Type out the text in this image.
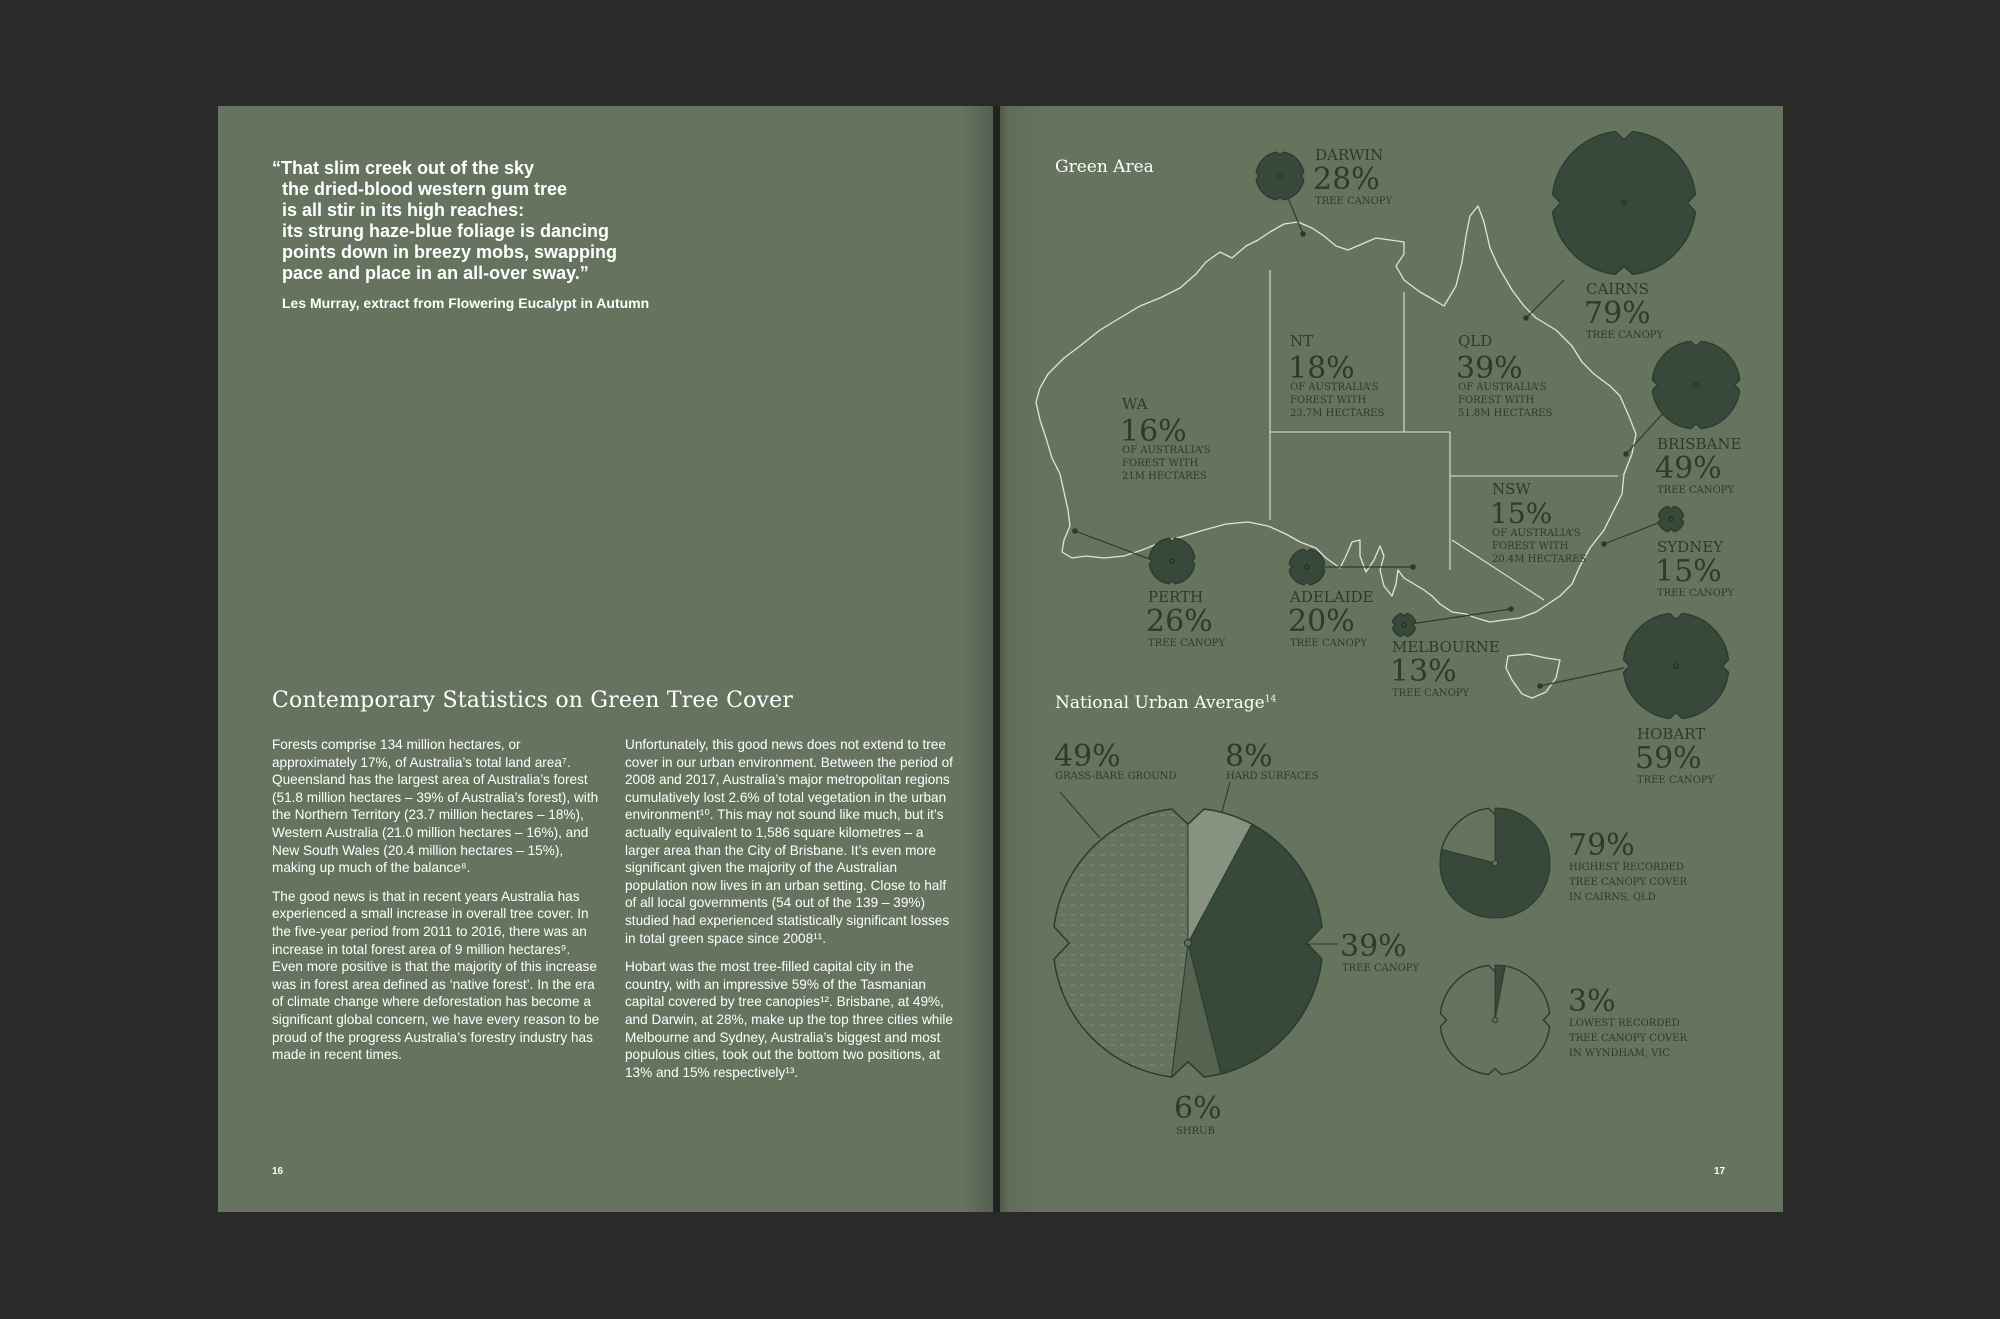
“That slim creek out of the sky
the dried-blood western gum tree
is all stir in its high reaches:
its strung haze-blue foliage is dancing
points down in breezy mobs, swapping
pace and place in an all-over sway.”
Les Murray, extract from Flowering Eucalypt in Autumn
Contemporary Statistics on Green Tree Cover

Forests comprise 134 million hectares, or approximately 17%, of Australia’s total land area⁷. Queensland has the largest area of Australia’s forest (51.8 million hectares – 39% of Australia’s forest), with the Northern Territory (23.7 million hectares – 18%), Western Australia (21.0 million hectares – 16%), and New South Wales (20.4 million hectares – 15%), making up much of the balance⁸.

The good news is that in recent years Australia has experienced a small increase in overall tree cover. In the five-year period from 2011 to 2016, there was an increase in total forest area of 9 million hectares⁹. Even more positive is that the majority of this increase was in forest area defined as ‘native forest’. In the era of climate change where deforestation has become a significant global concern, we have every reason to be proud of the progress Australia’s forestry industry has made in recent times.

Unfortunately, this good news does not extend to tree cover in our urban environment. Between the period of 2008 and 2017, Australia’s major metropolitan regions cumulatively lost 2.6% of total vegetation in the urban environment¹⁰. This may not sound like much, but it’s actually equivalent to 1,586 square kilometres – a larger area than the City of Brisbane. It’s even more significant given the majority of the Australian population now lives in an urban setting. Close to half of all local governments (54 out of the 139 – 39%) studied had experienced statistically significant losses in total green space since 2008¹¹.

Hobart was the most tree-filled capital city in the country, with an impressive 59% of the Tasmanian capital covered by tree canopies¹². Brisbane, at 49%, and Darwin, at 28%, make up the top three cities while Melbourne and Sydney, Australia’s biggest and most populous cities, took out the bottom two positions, at 13% and 15% respectively¹³.

16	17
Green Area
National Urban Average$^{14}$
WA
16%
OF AUSTRALIA’S
FOREST WITH
21M HECTARES
NT
18%
OF AUSTRALIA’S
FOREST WITH
23.7M HECTARES
QLD
39%
OF AUSTRALIA’S
FOREST WITH
51.8M HECTARES
NSW
15%
OF AUSTRALIA’S
FOREST WITH
20.4M HECTARES
DARWIN
28%
TREE CANOPY
CAIRNS
79%
TREE CANOPY
BRISBANE
49%
TREE CANOPY
SYDNEY
15%
TREE CANOPY
PERTH
26%
TREE CANOPY
ADELAIDE
20%
TREE CANOPY MELBOURNE
13%
TREE CANOPY
HOBART
59%
TREE CANOPY
49%
GRASS-BARE GROUND
8%
HARD SURFACES
39%
TREE CANOPY
6%
SHRUB
79%
HIGHEST RECORDED
TREE CANOPY COVER
IN CAIRNS, QLD
3%
LOWEST RECORDED
TREE CANOPY COVER
IN WYNDHAM, VIC
